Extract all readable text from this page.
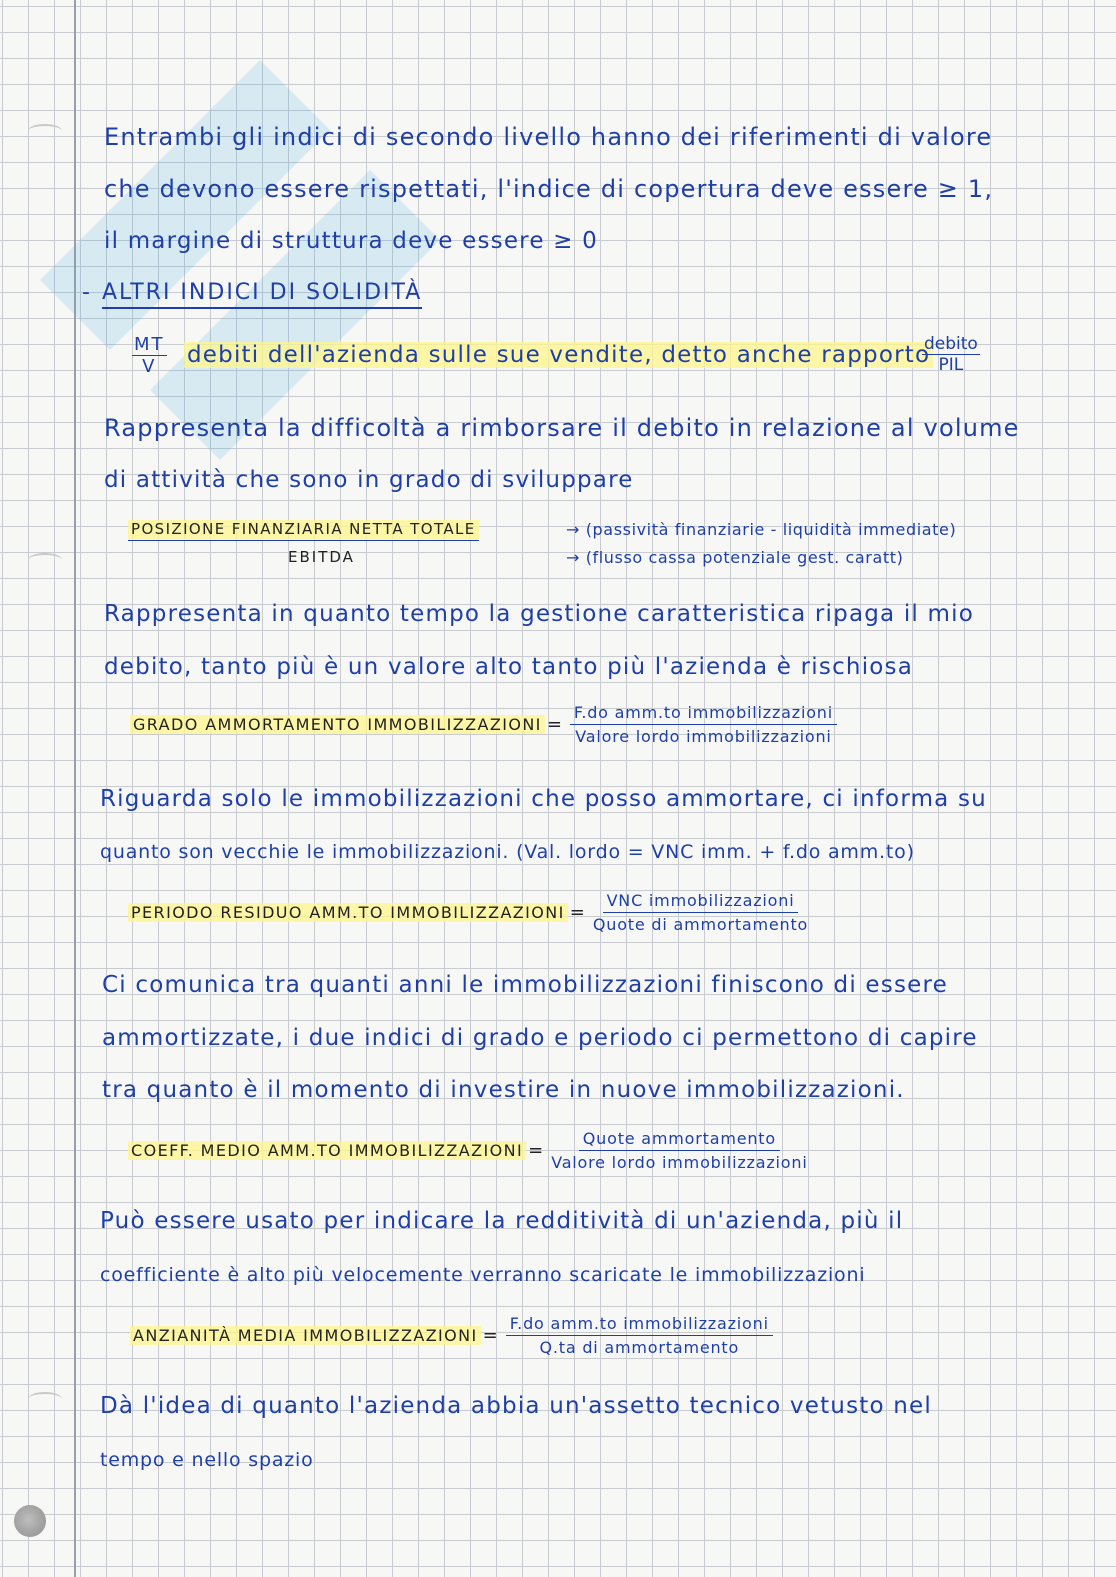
Entrambi gli indici di secondo livello hanno dei riferimenti di valore

che devono essere rispettati, l'indice di copertura deve essere ≥ 1,

il margine di struttura deve essere ≥ 0

- ALTRI INDICI DI SOLIDITÀ
$\frac{MT}{V}$ debiti dell'azienda sulle sue vendite, detto anche rapporto

debito
PIL

Rappresenta la difficoltà a rimborsare il debito in relazione al volume

di attività che sono in grado di sviluppare

POSIZIONE FINANZIARIA NETTA TOTALE
EBITDA
→ (passività finanziarie - liquidità immediate)
→ (flusso cassa potenziale gest. caratt)

Rappresenta in quanto tempo la gestione caratteristica ripaga il mio

debito, tanto più è un valore alto tanto più l'azienda è rischiosa

GRADO AMMORTAMENTO IMMOBILIZZAZIONI = $\frac{\text{F.do amm.to immobilizzazioni}}{\text{Valore lordo immobilizzazioni}}$

Riguarda solo le immobilizzazioni che posso ammortare, ci informa su

quanto son vecchie le immobilizzazioni. (Val. lordo = VNC imm. + f.do amm.to)

PERIODO RESIDUO AMM.TO IMMOBILIZZAZIONI = $\frac{\text{VNC immobilizzazioni}}{\text{Quote di ammortamento}}$

Ci comunica tra quanti anni le immobilizzazioni finiscono di essere

ammortizzate, i due indici di grado e periodo ci permettono di capire

tra quanto è il momento di investire in nuove immobilizzazioni.

COEFF. MEDIO AMM.TO IMMOBILIZZAZIONI = $\frac{\text{Quote ammortamento}}{\text{Valore lordo immobilizzazioni}}$

Può essere usato per indicare la redditività di un'azienda, più il

coefficiente è alto più velocemente verranno scaricate le immobilizzazioni

ANZIANITÀ MEDIA IMMOBILIZZAZIONI = $\frac{\text{F.do amm.to immobilizzazioni}}{\text{Q.ta di ammortamento}}$

Dà l'idea di quanto l'azienda abbia un'assetto tecnico vetusto nel

tempo e nello spazio
